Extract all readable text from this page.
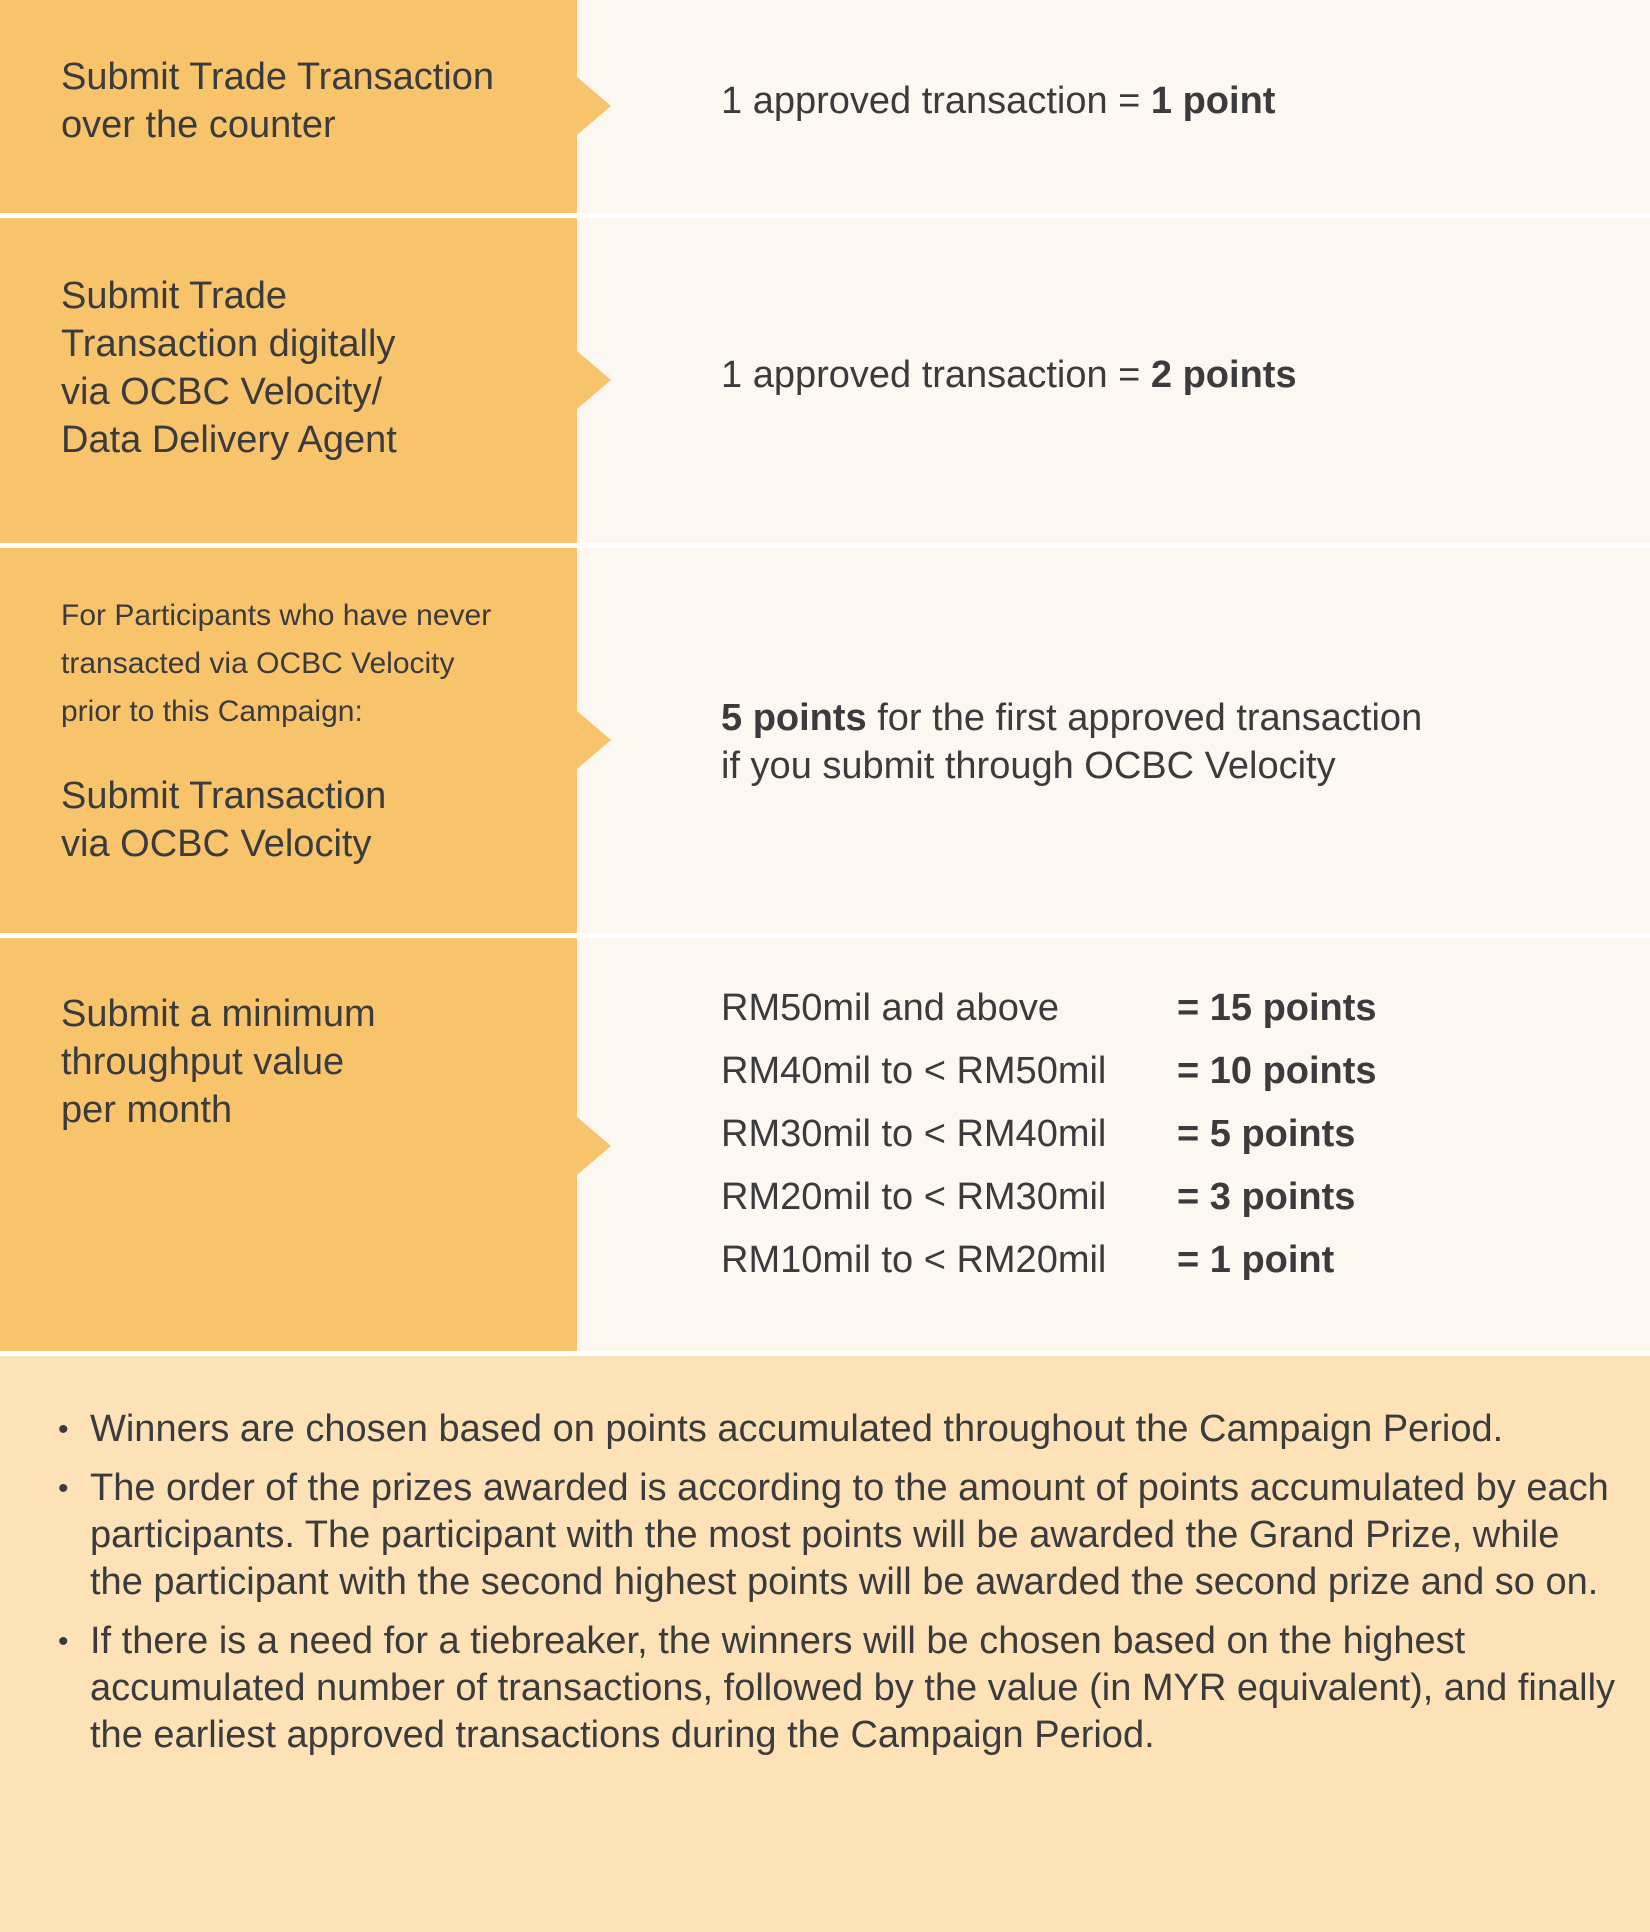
Submit Trade Transaction
over the counter
1 approved transaction = 1 point
Submit Trade
Transaction digitally
via OCBC Velocity/
Data Delivery Agent
1 approved transaction = 2 points
For Participants who have never
transacted via OCBC Velocity
prior to this Campaign:
Submit Transaction
via OCBC Velocity
5 points for the first approved transaction
if you submit through OCBC Velocity
Submit a minimum
throughput value
per month
RM50mil and above	= 15 points
RM40mil to < RM50mil = 10 points
RM30mil to < RM40mil = 5 points
RM20mil to < RM30mil = 3 points
RM10mil to < RM20mil = 1 point
• Winners are chosen based on points accumulated throughout the Campaign Period.
• The order of the prizes awarded is according to the amount of points accumulated by each participants. The participant with the most points will be awarded the Grand Prize, while the participant with the second highest points will be awarded the second prize and so on.
• If there is a need for a tiebreaker, the winners will be chosen based on the highest accumulated number of transactions, followed by the value (in MYR equivalent), and finally the earliest approved transactions during the Campaign Period.
